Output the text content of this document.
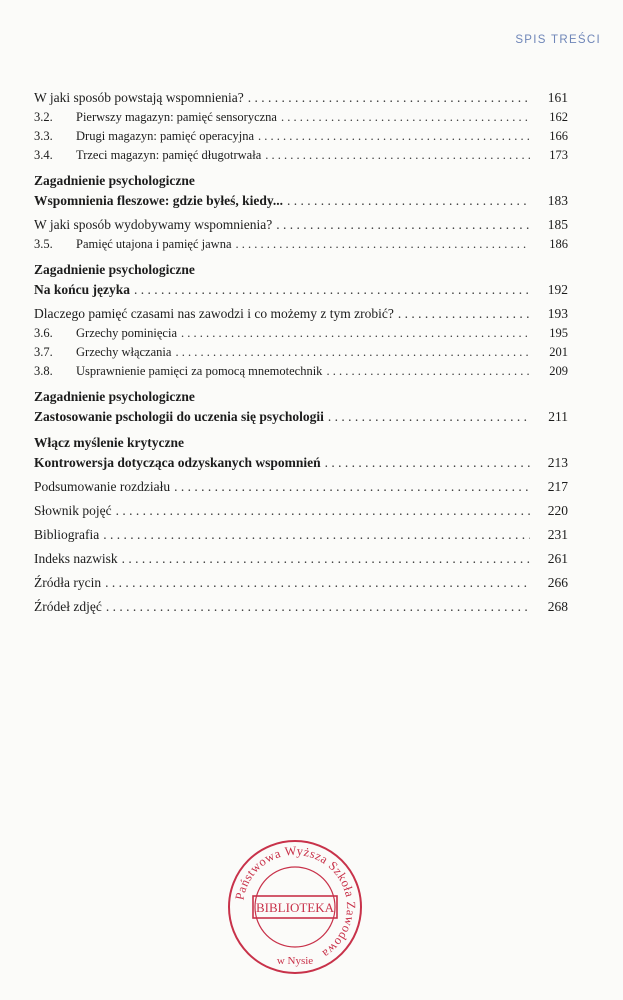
SPIS TREŚCI
W jaki sposób powstają wspomnienia? . . .	161
3.2.	Pierwszy magazyn: pamięć sensoryczna . . .	162
3.3.	Drugi magazyn: pamięć operacyjna . . .	166
3.4.	Trzeci magazyn: pamięć długotrwała . . .	173
Zagadnienie psychologiczne
Wspomnienia fleszowe: gdzie byłeś, kiedy... . . .	183
W jaki sposób wydobywamy wspomnienia? . . .	185
3.5.	Pamięć utajona i pamięć jawna . . .	186
Zagadnienie psychologiczne
Na końcu języka . . .	192
Dlaczego pamięć czasami nas zawodzi i co możemy z tym zrobić? . . .	193
3.6.	Grzechy pominięcia . . .	195
3.7.	Grzechy włączania . . .	201
3.8.	Usprawnienie pamięci za pomocą mnemotechnik . . .	209
Zagadnienie psychologiczne
Zastosowanie pschologii do uczenia się psychologii . . .	211
Włącz myślenie krytyczne
Kontrowersja dotycząca odzyskanych wspomnień . . .	213
Podsumowanie rozdziału . . .	217
Słownik pojęć . . .	220
Bibliografia . . .	231
Indeks nazwisk . . .	261
Źródła rycin . . .	266
Źródeł zdjęć . . .	268
Państwowa Wyższa Szkoła Zawodowa
BIBLIOTEKA
w Nysie
